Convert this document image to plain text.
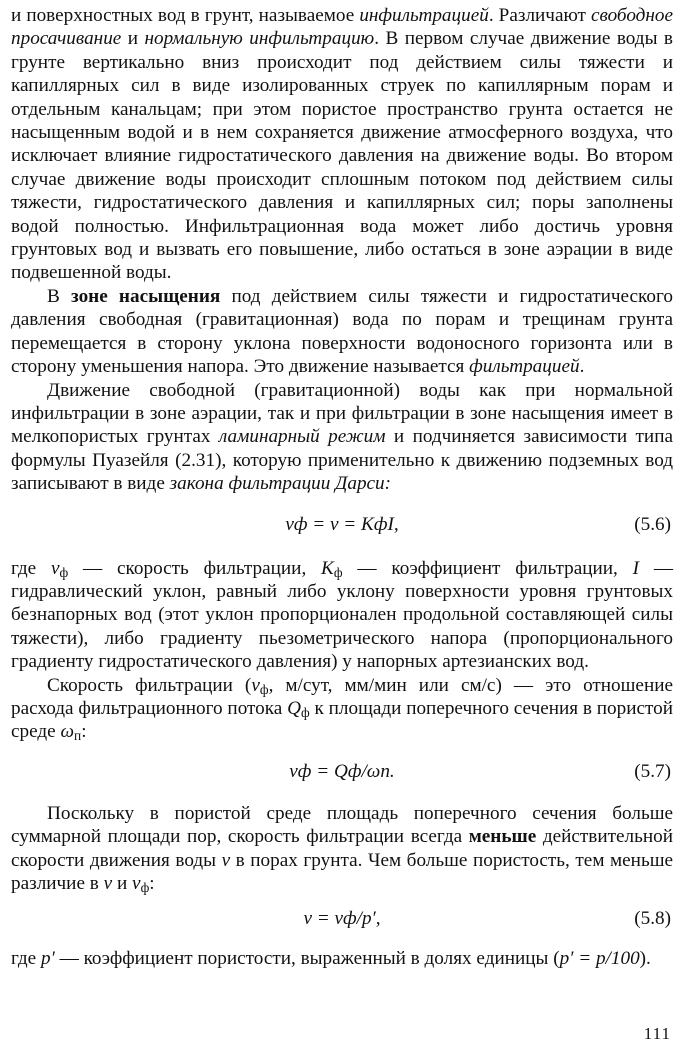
и поверхностных вод в грунт, называемое инфильтрацией. Различают свободное просачивание и нормальную инфильтрацию. В первом случае движение воды в грунте вертикально вниз происходит под действием силы тяжести и капиллярных сил в виде изолированных струек по капиллярным порам и отдельным канальцам; при этом пористое пространство грунта остается не насыщенным водой и в нем сохраняется движение атмосферного воздуха, что исключает влияние гидростатического давления на движение воды. Во втором случае движение воды происходит сплошным потоком под действием силы тяжести, гидростатического давления и капиллярных сил; поры заполнены водой полностью. Инфильтрационная вода может либо достичь уровня грунтовых вод и вызвать его повышение, либо остаться в зоне аэрации в виде подвешенной воды.

В зоне насыщения под действием силы тяжести и гидростатического давления свободная (гравитационная) вода по порам и трещинам грунта перемещается в сторону уклона поверхности водоносного горизонта или в сторону уменьшения напора. Это движение называется фильтрацией.

Движение свободной (гравитационной) воды как при нормальной инфильтрации в зоне аэрации, так и при фильтрации в зоне насыщения имеет в мелкопористых грунтах ламинарный режим и подчиняется зависимости типа формулы Пуазейля (2.31), которую применительно к движению подземных вод записывают в виде закона фильтрации Дарси:

vф = v = KфI,	(5.6)

где $v_ф$ — скорость фильтрации, $K_ф$ — коэффициент фильтрации, I — гидравлический уклон, равный либо уклону поверхности уровня грунтовых безнапорных вод (этот уклон пропорционален продольной составляющей силы тяжести), либо градиенту пьезометрического напора (пропорционального градиенту гидростатического давления) у напорных артезианских вод.

Скорость фильтрации ($v_ф$, м/сут, мм/мин или см/с) — это отношение расхода фильтрационного потока $Q_ф$ к площади поперечного сечения в пористой среде $\omega_п$:

vф = Qф/ωп.	(5.7)

Поскольку в пористой среде площадь поперечного сечения больше суммарной площади пор, скорость фильтрации всегда меньше действительной скорости движения воды v в порах грунта. Чем больше пористость, тем меньше различие в v и $v_ф$:

v = vф/p′,	(5.8)

где p′ — коэффициент пористости, выраженный в долях единицы (p′ = p/100).

111
